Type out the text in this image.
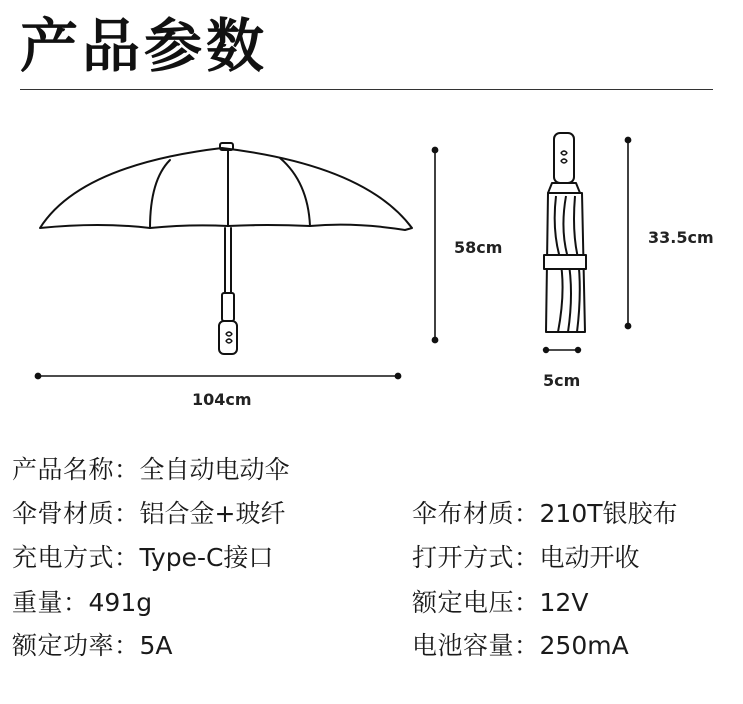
产品参数
104cm
58cm
33.5cm
5cm
产品名称：全自动电动伞
伞骨材质：铝合金+玻纤	伞布材质：210T银胶布
充电方式：Type-C接口	打开方式：电动开收
重量：491g	额定电压：12V
额定功率：5A	电池容量：250mA
